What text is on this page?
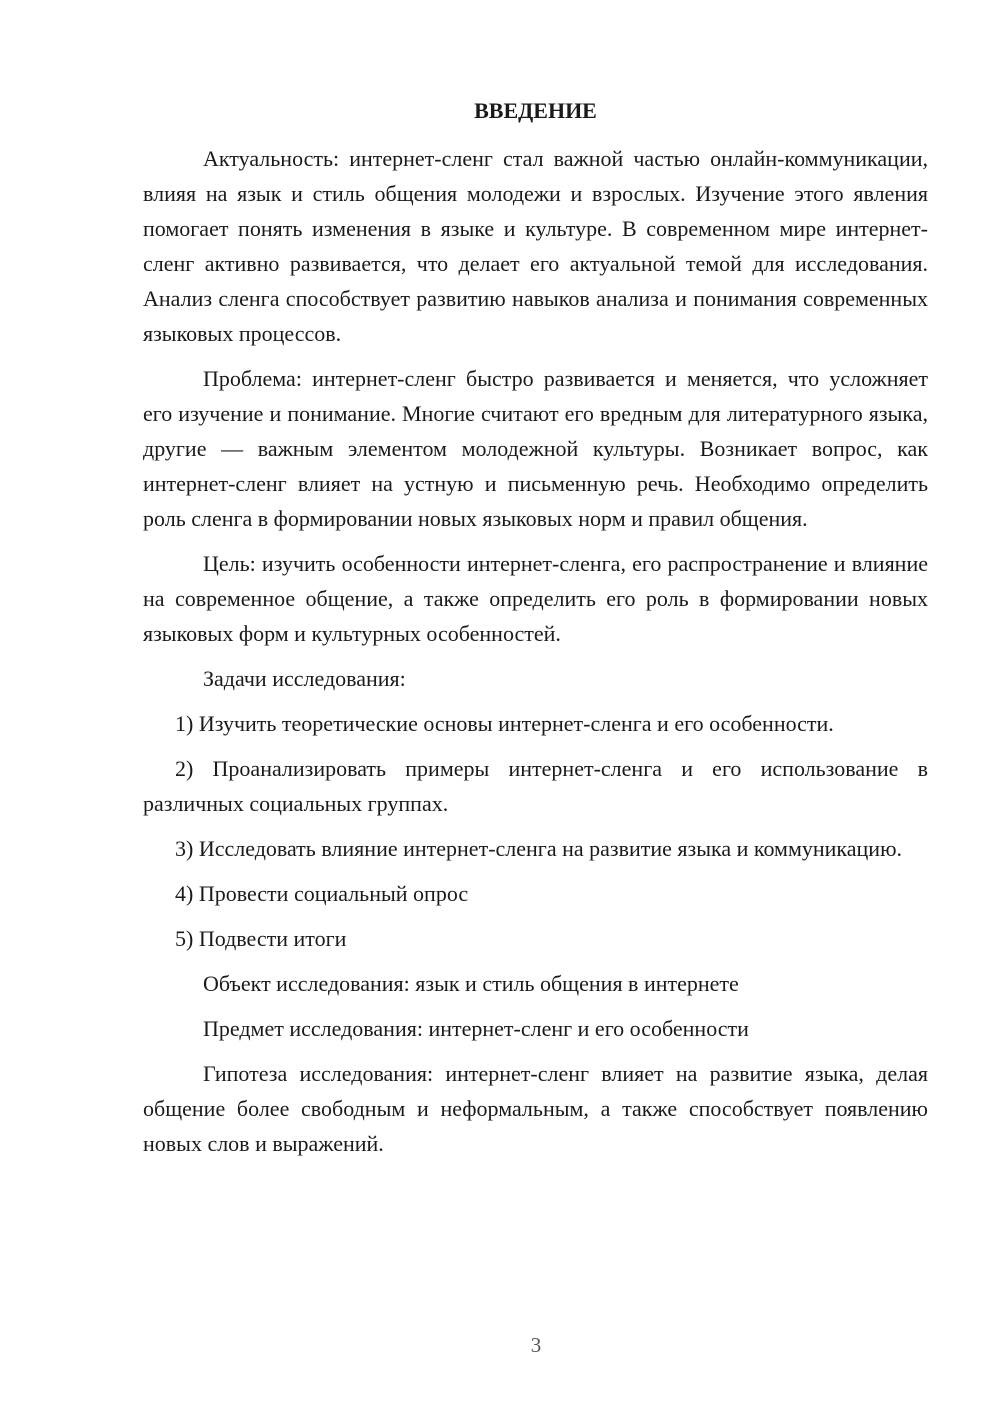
ВВЕДЕНИЕ

Актуальность: интернет-сленг стал важной частью онлайн-коммуникации, влияя на язык и стиль общения молодежи и взрослых. Изучение этого явления помогает понять изменения в языке и культуре. В современном мире интернет-сленг активно развивается, что делает его актуальной темой для исследования. Анализ сленга способствует развитию навыков анализа и понимания современных языковых процессов.

Проблема: интернет-сленг быстро развивается и меняется, что усложняет его изучение и понимание. Многие считают его вредным для литературного языка, другие — важным элементом молодежной культуры. Возникает вопрос, как интернет-сленг влияет на устную и письменную речь. Необходимо определить роль сленга в формировании новых языковых норм и правил общения.

Цель: изучить особенности интернет-сленга, его распространение и влияние на современное общение, а также определить его роль в формировании новых языковых форм и культурных особенностей.

Задачи исследования:

1) Изучить теоретические основы интернет-сленга и его особенности.

2) Проанализировать примеры интернет-сленга и его использование в различных социальных группах.

3) Исследовать влияние интернет-сленга на развитие языка и коммуникацию.

4) Провести социальный опрос

5) Подвести итоги

Объект исследования: язык и стиль общения в интернете

Предмет исследования: интернет-сленг и его особенности

Гипотеза исследования: интернет-сленг влияет на развитие языка, делая общение более свободным и неформальным, а также способствует появлению новых слов и выражений.

3
